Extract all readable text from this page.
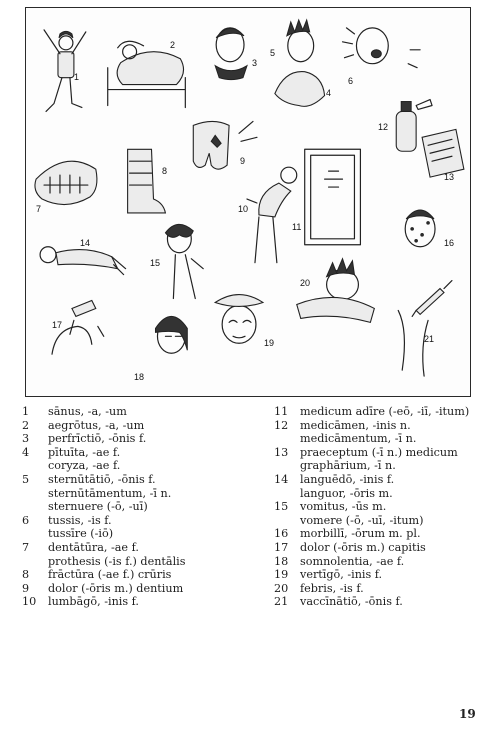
1
2
3
4
5
6
7
8
9
10
11
12
13
14
15
16
17
18
19
20
21
1 sānus, -a, -um
2 aegrōtus, -a, -um
3 perfrīctiō, -ōnis f.
4 pītuīta, -ae f.
coryza, -ae f.
5 sternūtātiō, -ōnis f.
sternūtāmentum, -ī n.
sternuere (-ō, -uī)
6 tussis, -is f.
tussīre (-iō)
7 dentātūra, -ae f.
prothesis (-is f.) dentālis
8 frāctūra (-ae f.) crūris
9 dolor (-ōris m.) dentium
10 lumbāgō, -inis f.
11 medicum adīre (-eō, -iī, -itum)
12 medicāmen, -inis n.
medicāmentum, -ī n.
13 praeceptum (-ī n.) medicum
graphārium, -ī n.
14 languēdō, -inis f.
languor, -ōris m.
15 vomitus, -ūs m.
vomere (-ō, -uī, -itum)
16 morbillī, -ōrum m. pl.
17 dolor (-ōris m.) capitis
18 somnolentia, -ae f.
19 vertīgō, -inis f.
20 febris, -is f.
21 vaccīnātiō, -ōnis f.
19
